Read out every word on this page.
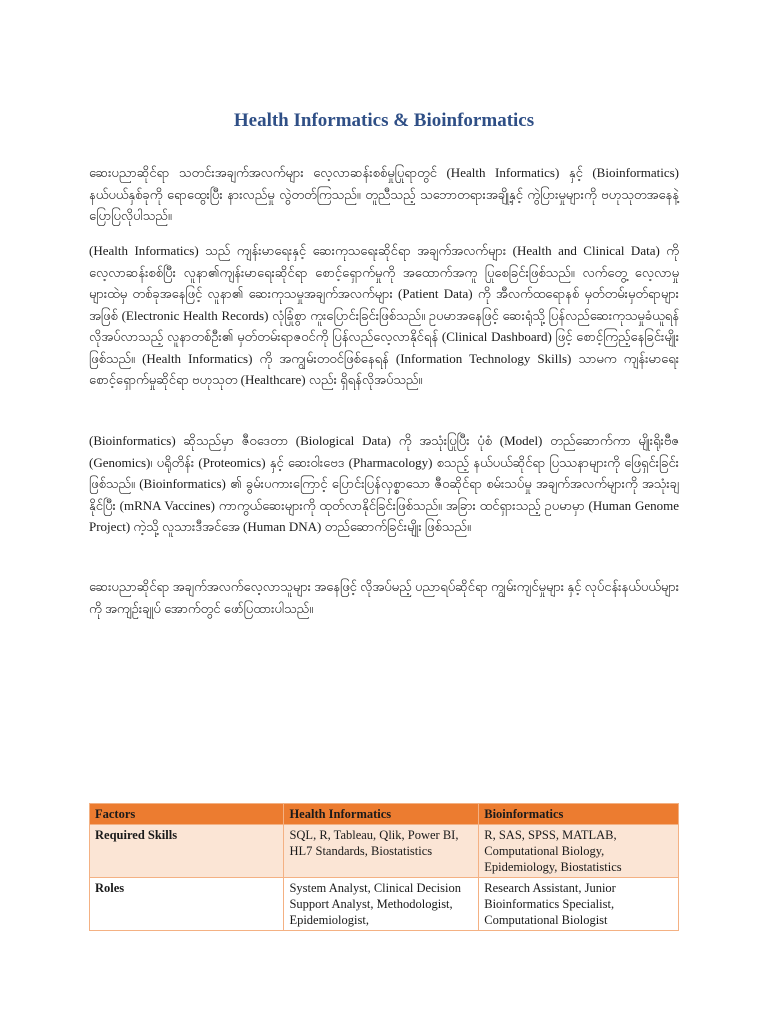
Health Informatics & Bioinformatics

ဆေးပညာဆိုင်ရာ သတင်းအချက်အလက်များ လေ့လာဆန်းစစ်မှုပြုရာတွင် (Health Informatics) နှင့် (Bioinformatics) နယ်ပယ်နှစ်ခုကို ရောထွေးပြီး နားလည်မှု လွဲတတ်ကြသည်။ တူညီသည့် သဘောတရားအချို့နှင့် ကွဲပြားမှုများကို ဗဟုသုတအနေနဲ့ ပြောပြလိုပါသည်။

(Health Informatics) သည် ကျန်းမာရေးနှင့် ဆေးကုသရေးဆိုင်ရာ အချက်အလက်များ (Health and Clinical Data) ကို လေ့လာဆန်းစစ်ပြီး လူနာ၏ကျန်းမာရေးဆိုင်ရာ စောင့်ရှောက်မှုကို အထောက်အကူ ပြုစေခြင်းဖြစ်သည်။ လက်တွေ့ လေ့လာမှုများ‌ထဲမှ တစ်ခုအနေဖြင့် လူနာ၏ ဆေးကုသမှုအချက်အလက်များ (Patient Data) ကို အီလက်ထရောနစ် မှတ်တမ်းမှတ်ရာများအဖြစ် (Electronic Health Records) လုံခြုံစွာ ကူးပြောင်းခြင်းဖြစ်သည်။ ဥပမာအနေဖြင့် ဆေးရုံသို့ ပြန်လည်ဆေးကုသမှုခံယူရန် လိုအပ်လာသည့် လူနာတစ်ဦး၏ မှတ်တမ်းရာဇဝင်ကို ပြန်လည်လေ့လာနိုင်ရန် (Clinical Dashboard) ဖြင့် စောင့်ကြည့်နေခြင်းမျိုး ဖြစ်သည်။ (Health Informatics) ကို အကျွမ်းတဝင်ဖြစ်နေရန် (Information Technology Skills) သာမက ကျန်းမာရေးစောင့်ရှောက်မှုဆိုင်ရာ ဗဟုသုတ (Healthcare) လည်း ရှိရန်လိုအပ်သည်။

(Bioinformatics) ဆိုသည်မှာ ဇီဝဒေတာ (Biological Data) ကို အသုံးပြုပြီး ပုံစံ (Model) တည်ဆောက်ကာ မျိုးရိုးဗီဇ (Genomics)၊ ပရိုတိန်း (Proteomics) နှင့် ဆေးဝါးဗေဒ (Pharmacology) စသည့် နယ်ပယ်ဆိုင်ရာ ပြဿနာများကို ဖြေရှင်းခြင်းဖြစ်သည်။ (Bioinformatics) ၏ ခွမ်းပကားကြောင့် ပြောင်းပြန်လှစ္စာသော ဇီဝဆိုင်ရာ စမ်းသပ်မှု အချက်အလက်များကို အသုံးချနိုင်ပြီး (mRNA Vaccines) ကာကွယ်ဆေးများကို ထုတ်လာနိုင်ခြင်းဖြစ်သည်။ အခြား ထင်ရှားသည့် ဥပမာမှာ (Human Genome Project) ကဲ့သို့ လူသားဒီအင်အေ (Human DNA) တည်ဆောက်ခြင်းမျိုး ဖြစ်သည်။

ဆေးပညာဆိုင်ရာ အချက်အလက်လေ့လာသူများ အနေဖြင့် လိုအပ်မည့် ပညာရပ်ဆိုင်ရာ ကျွမ်းကျင်မှုများ နှင့် လုပ်ငန်းနယ်ပယ်များကို အကျဉ်းချုပ် အောက်တွင် ဖော်ပြထားပါသည်။

Factors	Health Informatics	Bioinformatics
Required Skills	SQL, R, Tableau, Qlik, Power BI, HL7 Standards, Biostatistics	R, SAS, SPSS, MATLAB, Computational Biology, Epidemiology, Biostatistics
Roles	System Analyst, Clinical Decision Support Analyst, Methodologist, Epidemiologist,	Research Assistant, Junior Bioinformatics Specialist, Computational Biologist
